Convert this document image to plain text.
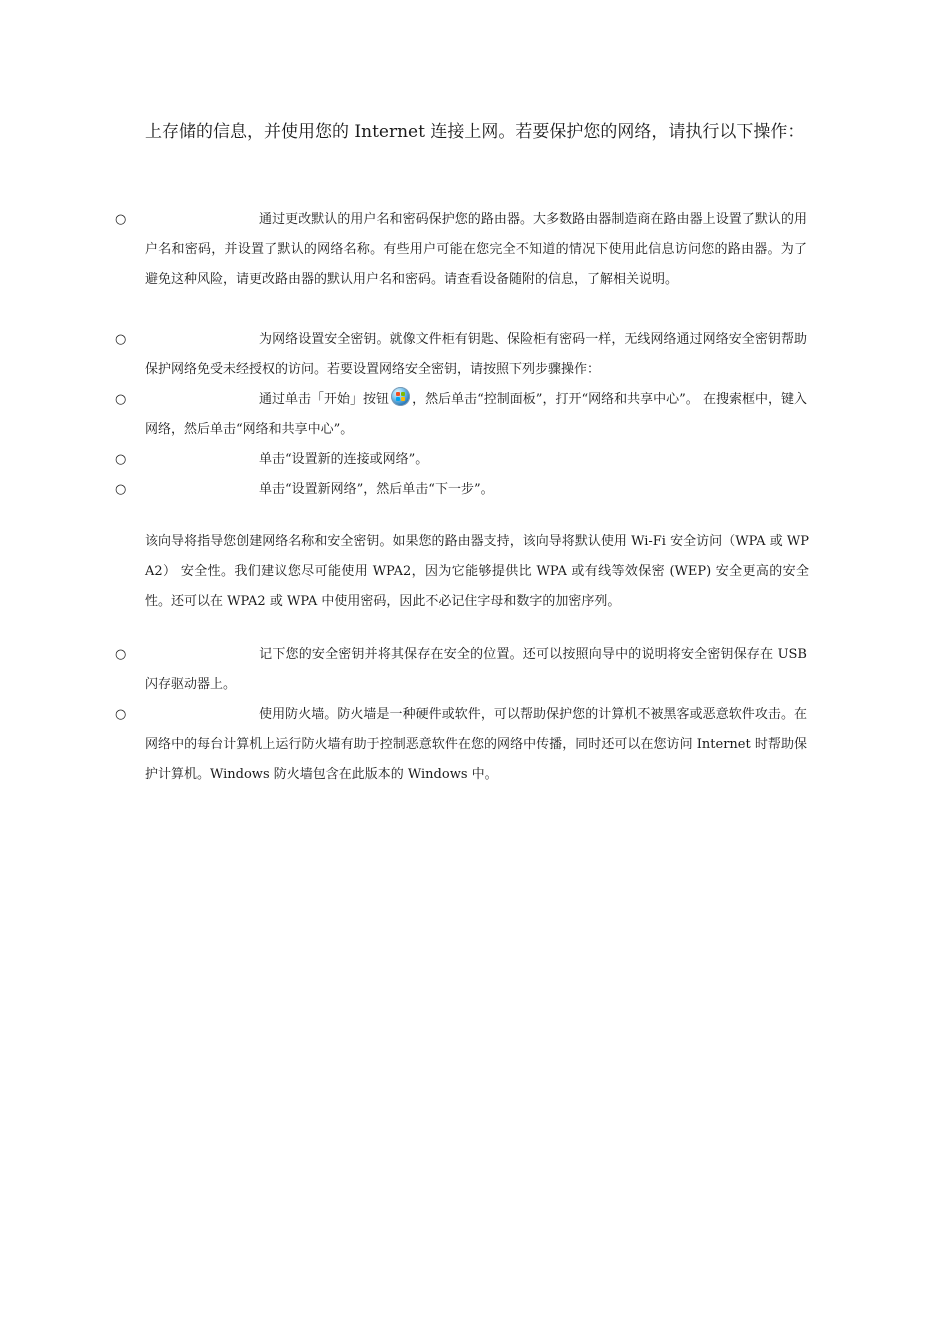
上存储的信息，并使用您的 Internet 连接上网。若要保护您的网络，请执行以下操作：

○	通过更改默认的用户名和密码保护您的路由器。大多数路由器制造商在路由器上设置了默认的用户名和密码，并设置了默认的网络名称。有些用户可能在您完全不知道的情况下使用此信息访问您的路由器。为了避免这种风险，请更改路由器的默认用户名和密码。请查看设备随附的信息，了解相关说明。

○	为网络设置安全密钥。就像文件柜有钥匙、保险柜有密码一样，无线网络通过网络安全密钥帮助保护网络免受未经授权的访问。若要设置网络安全密钥，请按照下列步骤操作：

○	通过单击「开始」按钮 ，然后单击“控制面板”，打开“网络和共享中心”。 在搜索框中，键入网络，然后单击“网络和共享中心”。

○	单击“设置新的连接或网络”。

○	单击“设置新网络”，然后单击“下一步”。

该向导将指导您创建网络名称和安全密钥。如果您的路由器支持，该向导将默认使用 Wi-Fi 安全访问（WPA 或 WPA2） 安全性。我们建议您尽可能使用 WPA2，因为它能够提供比 WPA 或有线等效保密 (WEP) 安全更高的安全性。还可以在 WPA2 或 WPA 中使用密码，因此不必记住字母和数字的加密序列。

○	记下您的安全密钥并将其保存在安全的位置。还可以按照向导中的说明将安全密钥保存在 USB 闪存驱动器上。

○	使用防火墙。防火墙是一种硬件或软件，可以帮助保护您的计算机不被黑客或恶意软件攻击。在网络中的每台计算机上运行防火墙有助于控制恶意软件在您的网络中传播，同时还可以在您访问 Internet 时帮助保护计算机。Windows 防火墙包含在此版本的 Windows 中。
